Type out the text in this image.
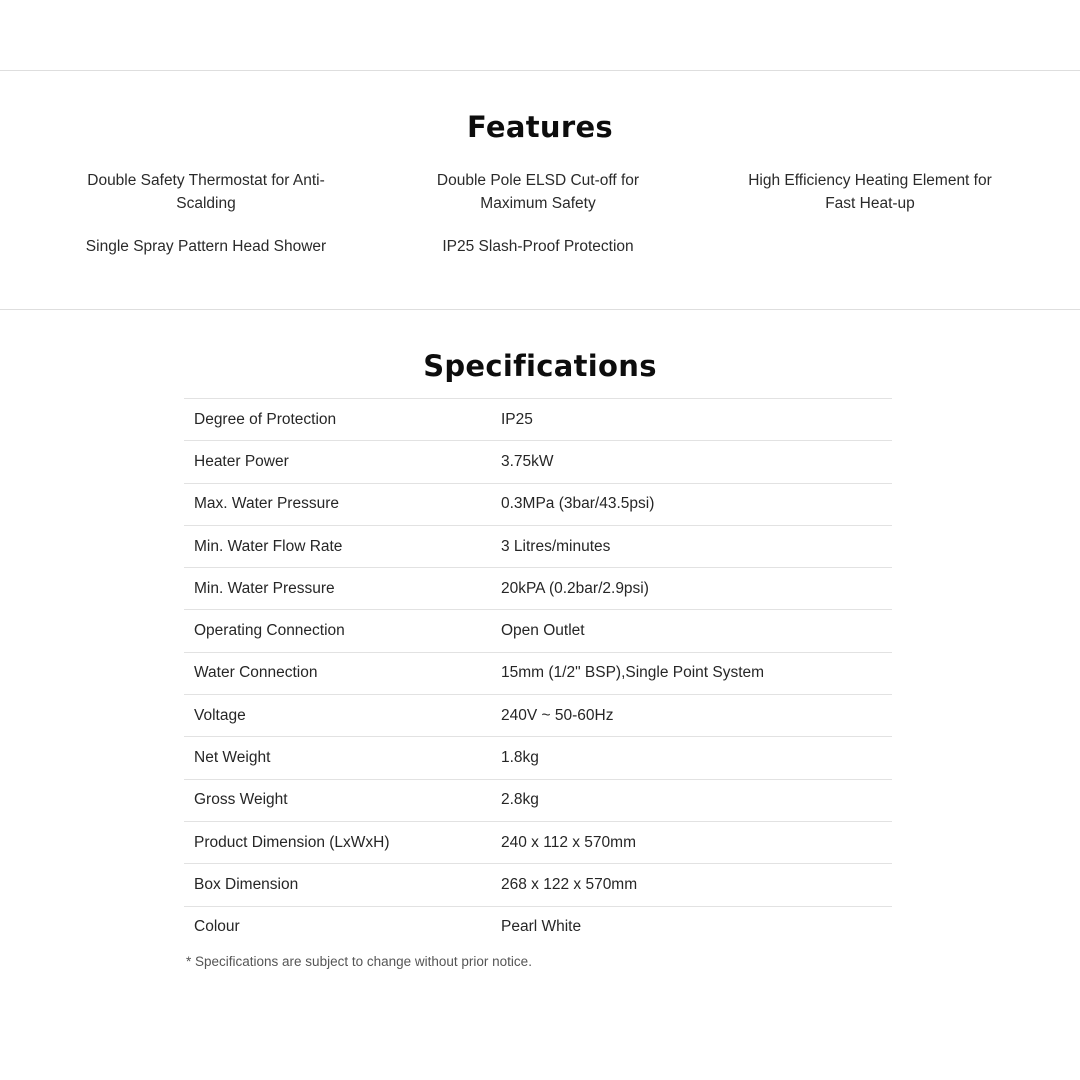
Features
Double Safety Thermostat for Anti-Scalding
Double Pole ELSD Cut-off for Maximum Safety
High Efficiency Heating Element for Fast Heat-up
Single Spray Pattern Head Shower	IP25 Slash-Proof Protection
Specifications
Degree of Protection	IP25
Heater Power	3.75kW
Max. Water Pressure	0.3MPa (3bar/43.5psi)
Min. Water Flow Rate	3 Litres/minutes
Min. Water Pressure	20kPA (0.2bar/2.9psi)
Operating Connection	Open Outlet
Water Connection	15mm (1/2" BSP),Single Point System
Voltage	240V ~ 50-60Hz
Net Weight	1.8kg
Gross Weight	2.8kg
Product Dimension (LxWxH)	240 x 112 x 570mm
Box Dimension	268 x 122 x 570mm
Colour	Pearl White

* Specifications are subject to change without prior notice.
